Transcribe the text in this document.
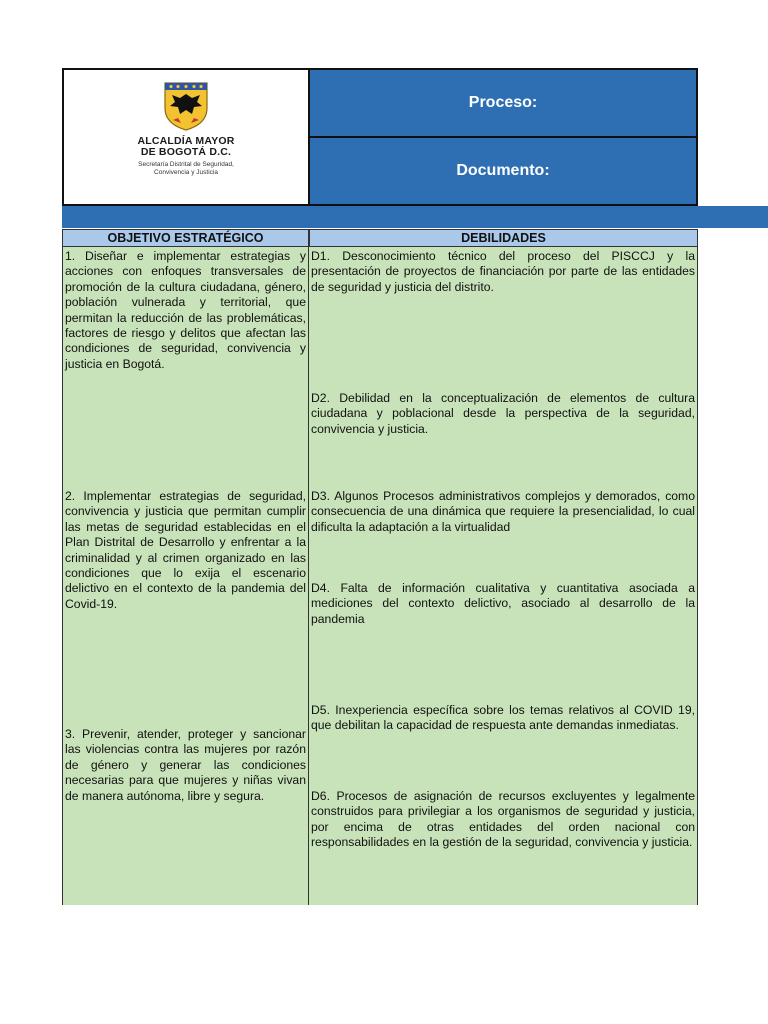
ALCALDÍA MAYOR
DE BOGOTÁ D.C.
Secretaría Distrital de Seguridad,
Convivencia y Justicia
Proceso:
Documento:
OBJETIVO ESTRATÉGICO	DEBILIDADES

1. Diseñar e implementar estrategias y acciones con enfoques transversales de promoción de la cultura ciudadana, género, población vulnerada y territorial, que permitan la reducción de las problemáticas, factores de riesgo y delitos que afectan las condiciones de seguridad, convivencia y justicia en Bogotá.

2. Implementar estrategias de seguridad, convivencia y justicia que permitan cumplir las metas de seguridad establecidas en el Plan Distrital de Desarrollo y enfrentar a la criminalidad y al crimen organizado en las condiciones que lo exija el escenario delictivo en el contexto de la pandemia del Covid-19.

3. Prevenir, atender, proteger y sancionar las violencias contra las mujeres por razón de género y generar las condiciones necesarias para que mujeres y niñas vivan de manera autónoma, libre y segura.

D1. Desconocimiento técnico del proceso del PISCCJ y la presentación de proyectos de financiación por parte de las entidades de seguridad y justicia del distrito.

D2. Debilidad en la conceptualización de elementos de cultura ciudadana y poblacional desde la perspectiva de la seguridad, convivencia y justicia.

D3. Algunos Procesos administrativos complejos y demorados, como consecuencia de una dinámica que requiere la presencialidad, lo cual dificulta la adaptación a la virtualidad

D4. Falta de información cualitativa y cuantitativa asociada a mediciones del contexto delictivo, asociado al desarrollo de la pandemia

D5. Inexperiencia específica sobre los temas relativos al COVID 19, que debilitan la capacidad de respuesta ante demandas inmediatas.

D6. Procesos de asignación de recursos excluyentes y legalmente construidos para privilegiar a los organismos de seguridad y justicia, por encima de otras entidades del orden nacional con responsabilidades en la gestión de la seguridad, convivencia y justicia.
